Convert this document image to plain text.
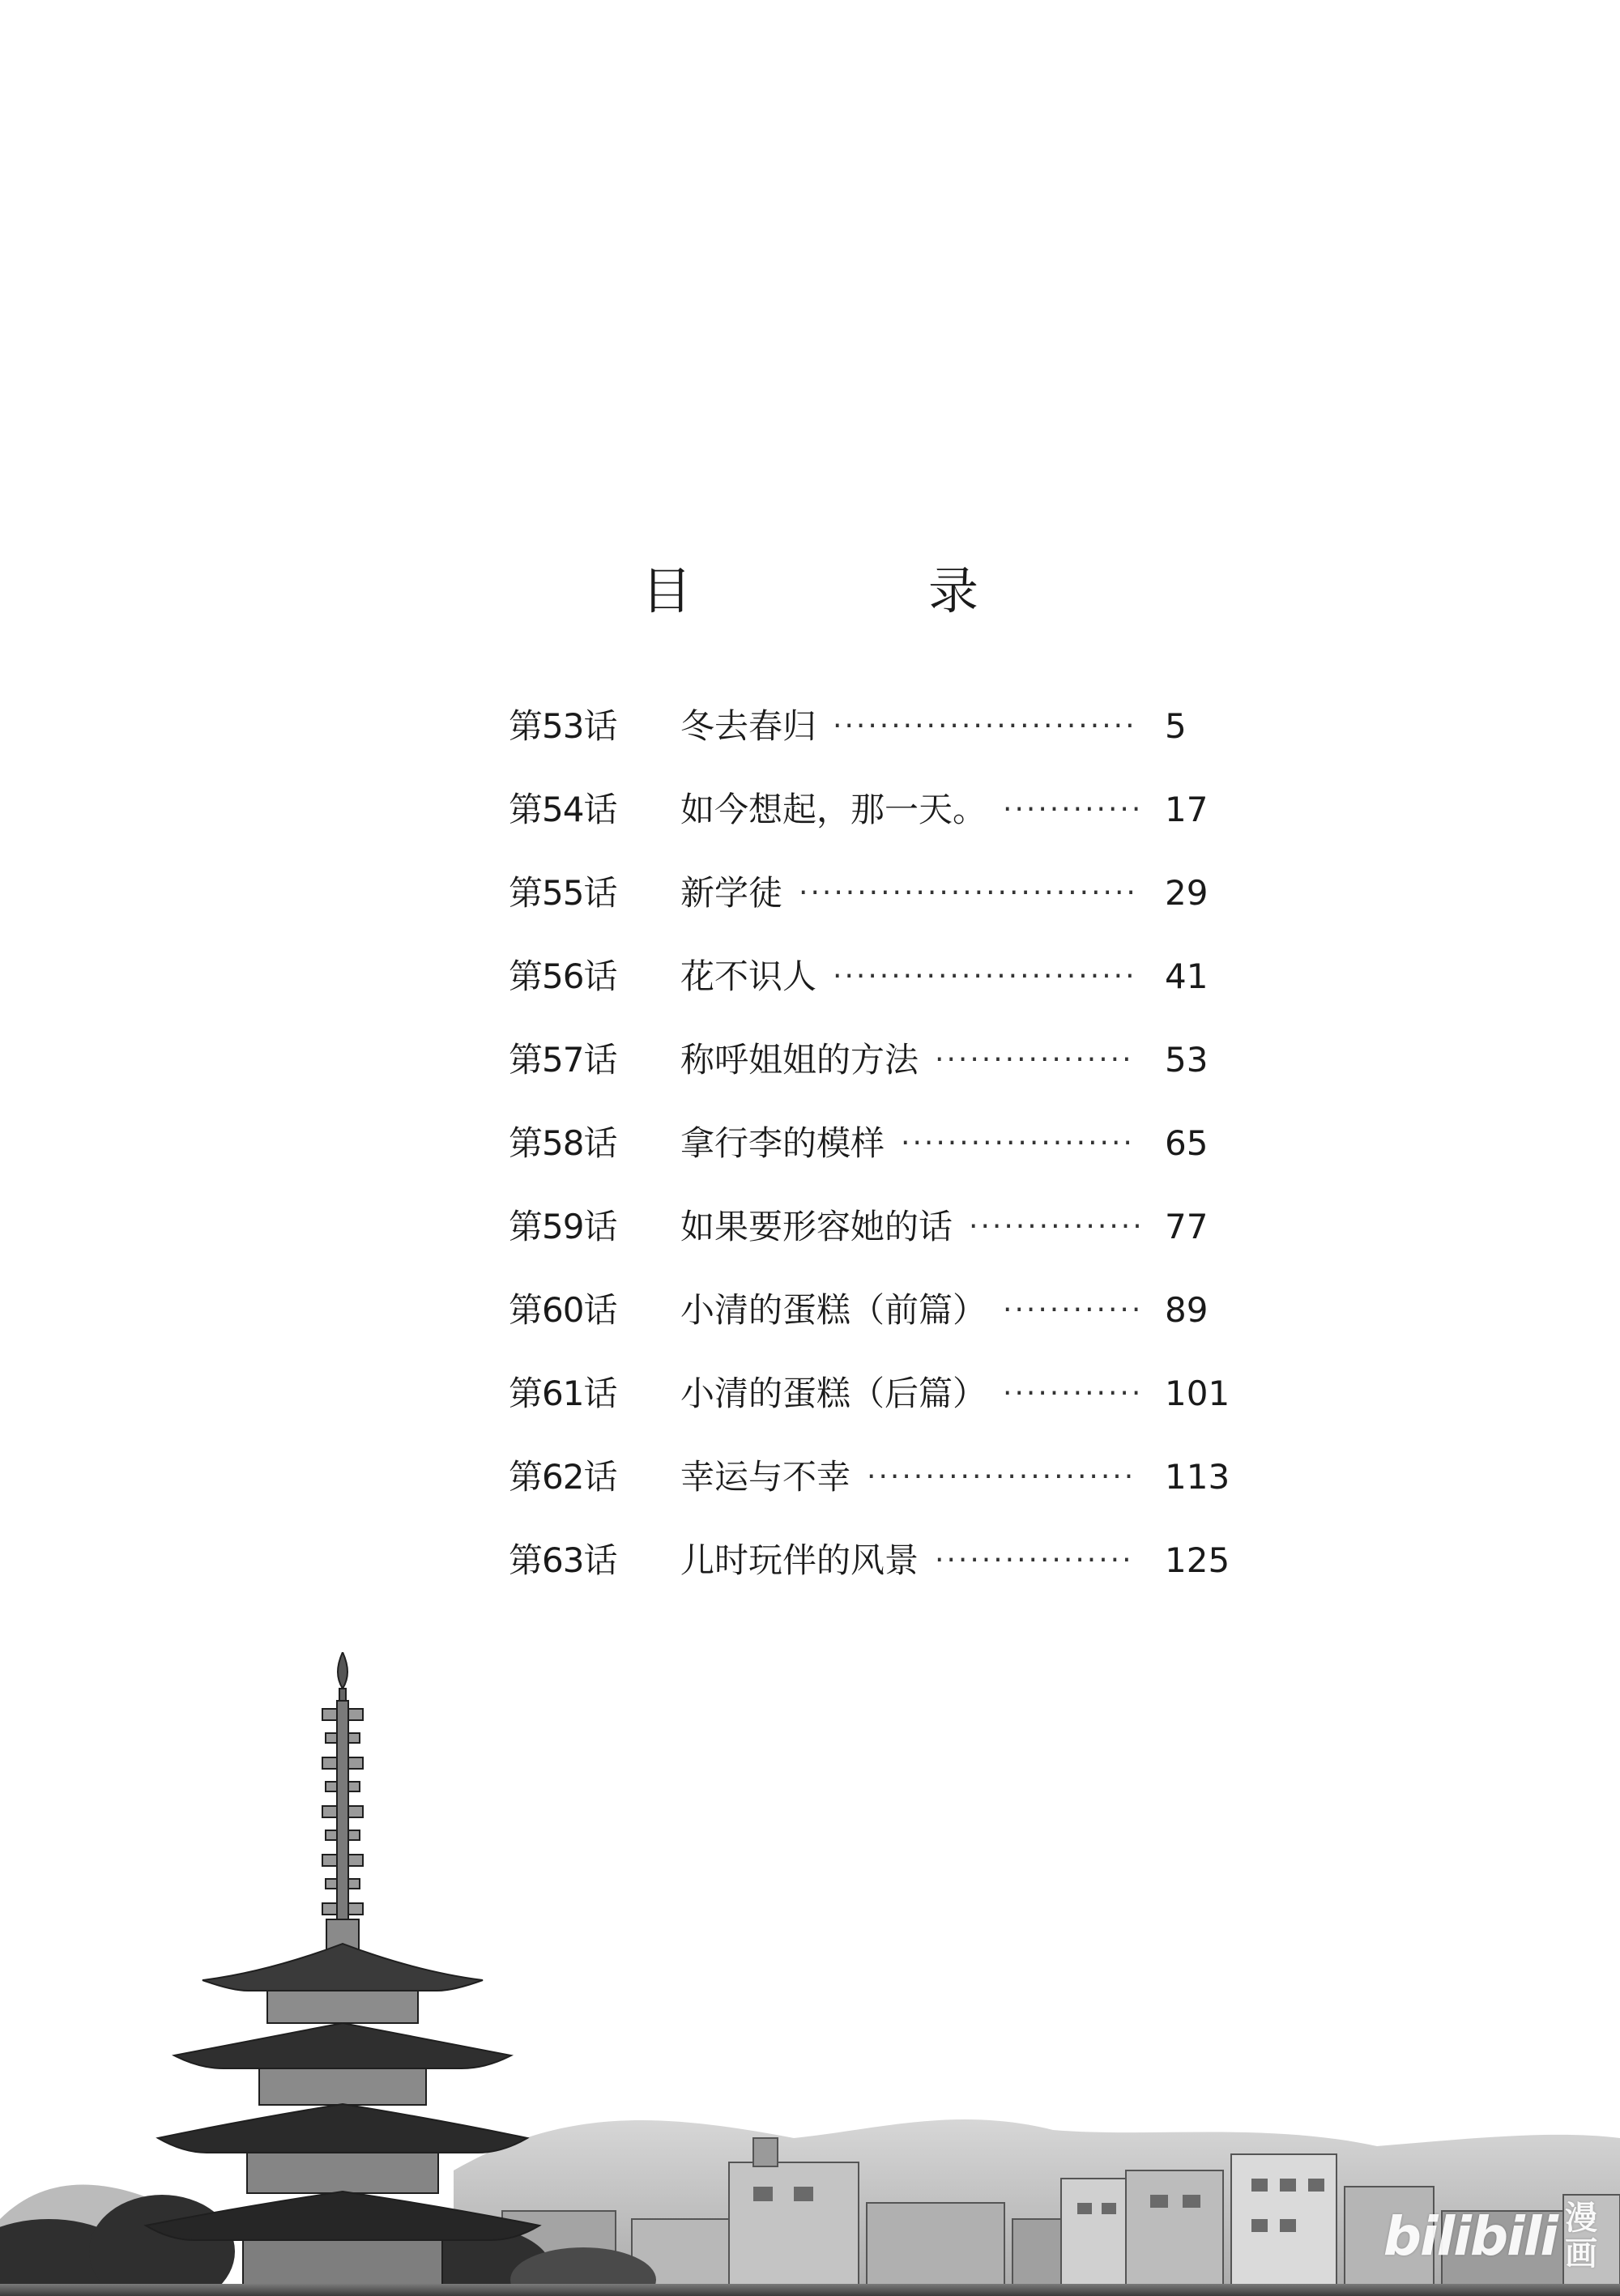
目　录
第53话	冬去春归 ·························· 5
第54话	如今想起，那一天。 ············ 17
第55话	新学徒 ····························· 29
第56话	花不识人 ·························· 41
第57话	称呼姐姐的方法 ················· 53
第58话	拿行李的模样 ···················· 65
第59话	如果要形容她的话 ··············· 77
第60话	小清的蛋糕（前篇） ············ 89
第61话	小清的蛋糕（后篇） ············ 101
第62话	幸运与不幸 ······················· 113
第63话	儿时玩伴的风景 ················· 125
bilibili 漫
画
